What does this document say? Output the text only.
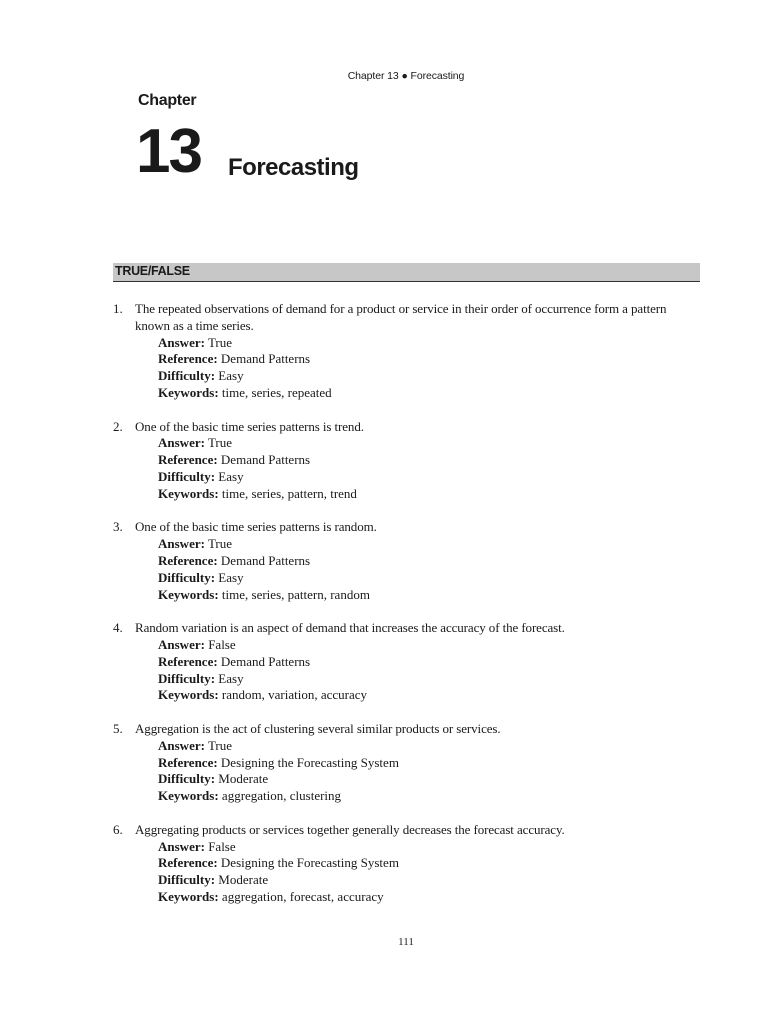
Chapter 13 ● Forecasting
Chapter
13 Forecasting
TRUE/FALSE
1. The repeated observations of demand for a product or service in their order of occurrence form a pattern known as a time series.
Answer: True
Reference: Demand Patterns
Difficulty: Easy
Keywords: time, series, repeated
2. One of the basic time series patterns is trend.
Answer: True
Reference: Demand Patterns
Difficulty: Easy
Keywords: time, series, pattern, trend
3. One of the basic time series patterns is random.
Answer: True
Reference: Demand Patterns
Difficulty: Easy
Keywords: time, series, pattern, random
4. Random variation is an aspect of demand that increases the accuracy of the forecast.
Answer: False
Reference: Demand Patterns
Difficulty: Easy
Keywords: random, variation, accuracy
5. Aggregation is the act of clustering several similar products or services.
Answer: True
Reference: Designing the Forecasting System
Difficulty: Moderate
Keywords: aggregation, clustering
6. Aggregating products or services together generally decreases the forecast accuracy.
Answer: False
Reference: Designing the Forecasting System
Difficulty: Moderate
Keywords: aggregation, forecast, accuracy
111
